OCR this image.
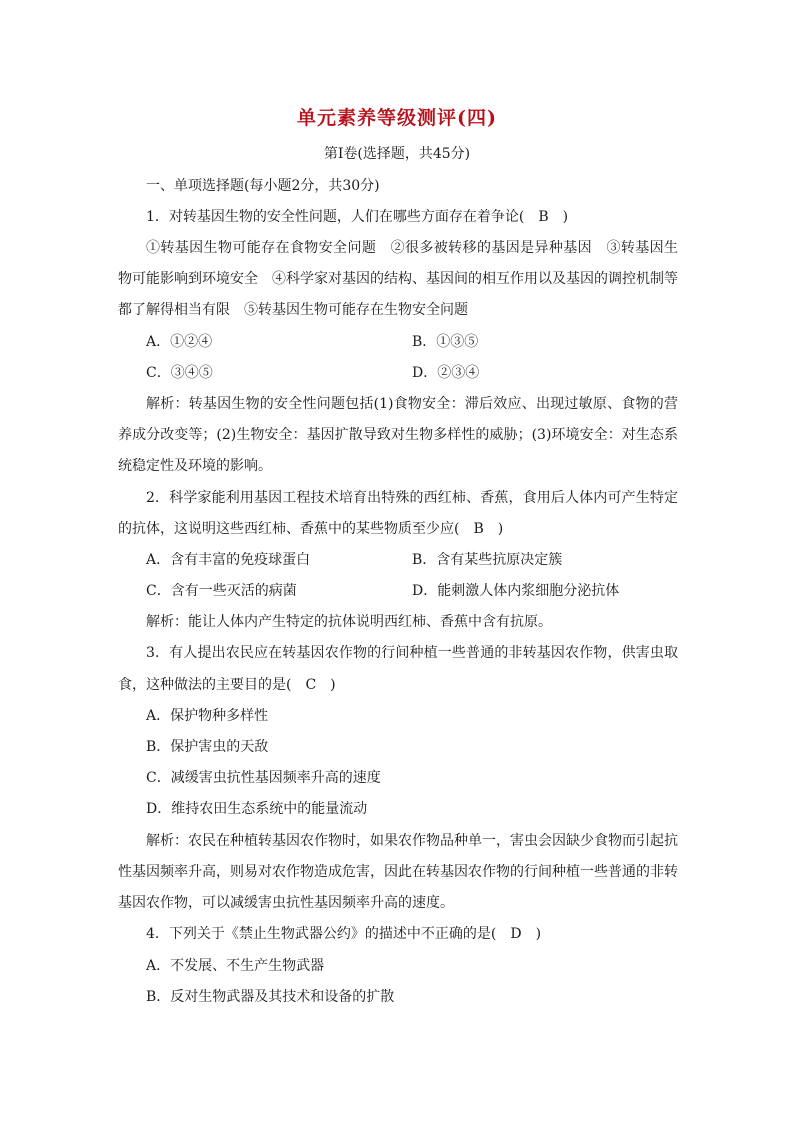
单元素养等级测评(四)
第Ⅰ卷(选择题，共45分)
一、单项选择题(每小题2分，共30分)
1．对转基因生物的安全性问题，人们在哪些方面存在着争论(　B　)
①转基因生物可能存在食物安全问题　②很多被转移的基因是异种基因　③转基因生
物可能影响到环境安全　④科学家对基因的结构、基因间的相互作用以及基因的调控机制等
都了解得相当有限　⑤转基因生物可能存在生物安全问题
A．①②④	B．①③⑤
C．③④⑤	D．②③④
解析：转基因生物的安全性问题包括(1)食物安全：滞后效应、出现过敏原、食物的营
养成分改变等；(2)生物安全：基因扩散导致对生物多样性的威胁；(3)环境安全：对生态系
统稳定性及环境的影响。
2．科学家能利用基因工程技术培育出特殊的西红柿、香蕉，食用后人体内可产生特定
的抗体，这说明这些西红柿、香蕉中的某些物质至少应(　B　)
A．含有丰富的免疫球蛋白	B．含有某些抗原决定簇
C．含有一些灭活的病菌	D．能刺激人体内浆细胞分泌抗体
解析：能让人体内产生特定的抗体说明西红柿、香蕉中含有抗原。
3．有人提出农民应在转基因农作物的行间种植一些普通的非转基因农作物，供害虫取
食，这种做法的主要目的是(　C　)
A．保护物种多样性
B．保护害虫的天敌
C．减缓害虫抗性基因频率升高的速度
D．维持农田生态系统中的能量流动
解析：农民在种植转基因农作物时，如果农作物品种单一，害虫会因缺少食物而引起抗
性基因频率升高，则易对农作物造成危害，因此在转基因农作物的行间种植一些普通的非转
基因农作物，可以减缓害虫抗性基因频率升高的速度。
4．下列关于《禁止生物武器公约》的描述中不正确的是(　D　)
A．不发展、不生产生物武器
B．反对生物武器及其技术和设备的扩散
